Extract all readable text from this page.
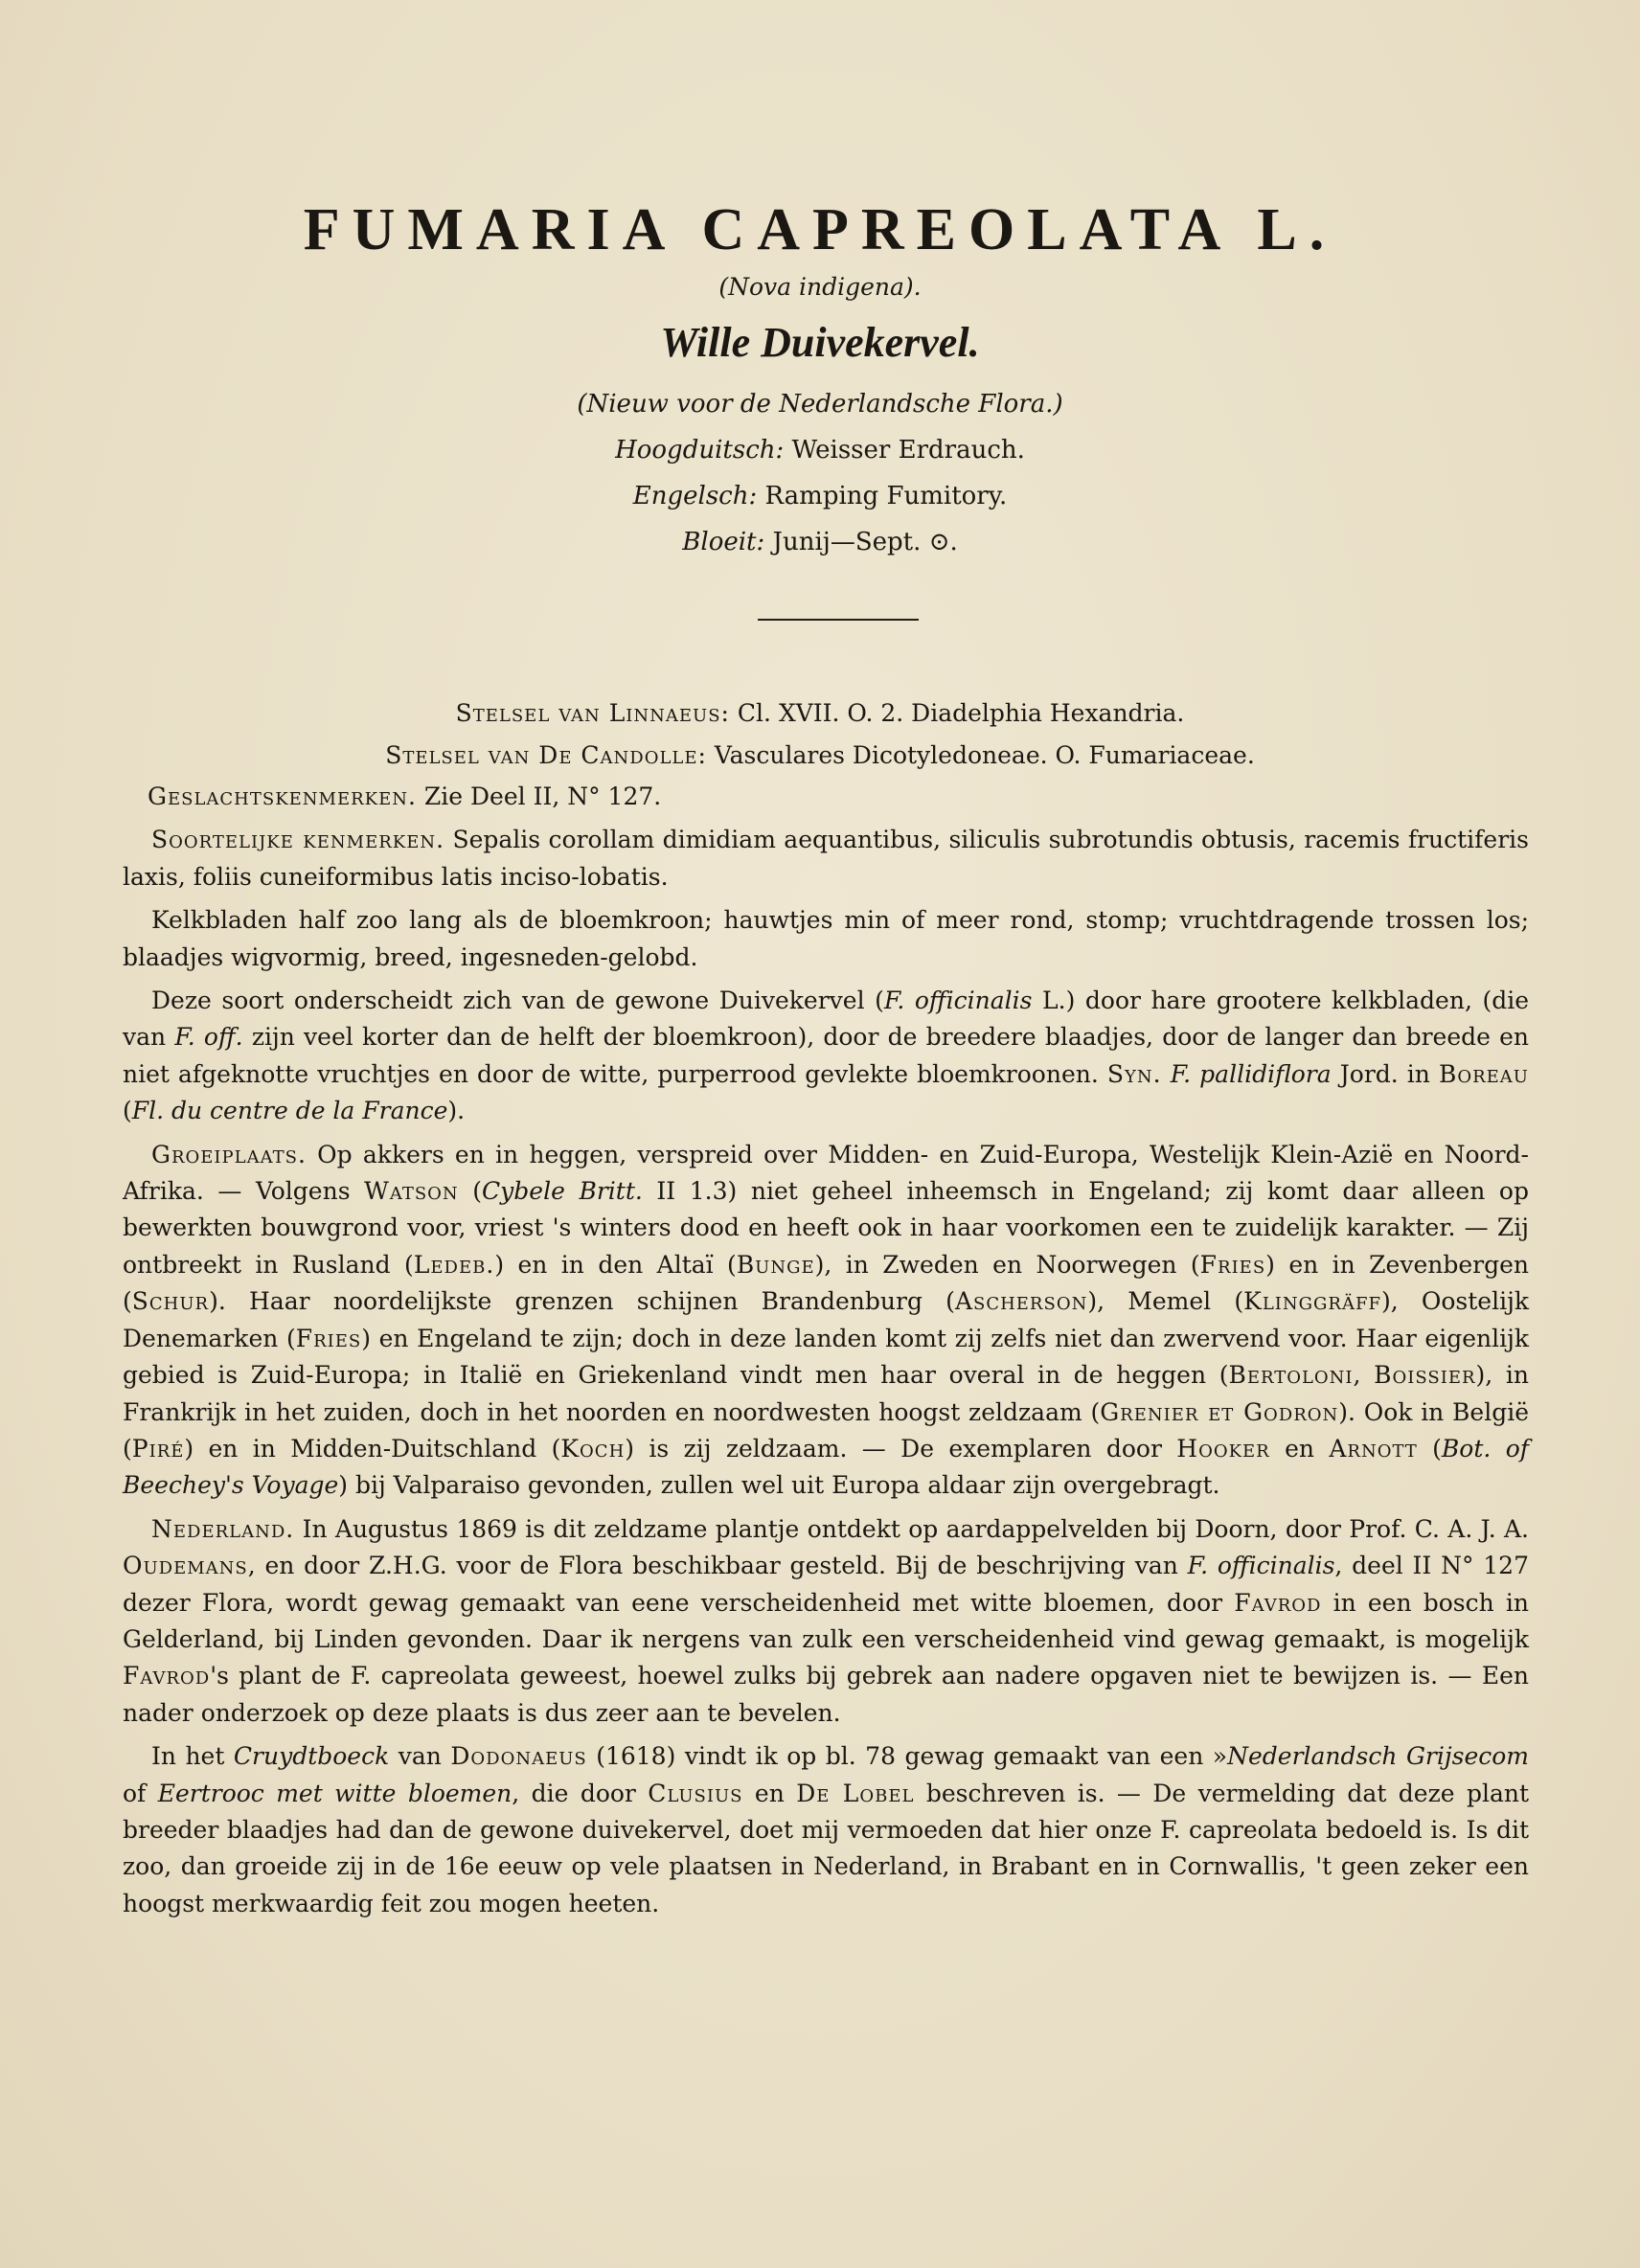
FUMARIA CAPREOLATA L.
(Nova indigena).
Wille Duivekervel.
(Nieuw voor de Nederlandsche Flora.)
Hoogduitsch: Weisser Erdrauch.
Engelsch: Ramping Fumitory.
Bloeit: Junij—Sept. ⊙.
Stelsel van Linnaeus: Cl. XVII. O. 2. Diadelphia Hexandria.
Stelsel van De Candolle: Vasculares Dicotyledoneae. O. Fumariaceae.

Geslachtskenmerken. Zie Deel II, N° 127.

Soortelijke kenmerken. Sepalis corollam dimidiam aequantibus, siliculis subrotundis obtusis, racemis fructiferis laxis, foliis cuneiformibus latis inciso-lobatis.

Kelkbladen half zoo lang als de bloemkroon; hauwtjes min of meer rond, stomp; vruchtdragende trossen los; blaadjes wigvormig, breed, ingesneden-gelobd.

Deze soort onderscheidt zich van de gewone Duivekervel (F. officinalis L.) door hare grootere kelkbladen, (die van F. off. zijn veel korter dan de helft der bloemkroon), door de breedere blaadjes, door de langer dan breede en niet afgeknotte vruchtjes en door de witte, purperrood gevlekte bloemkroonen. Syn. F. pallidiflora Jord. in Boreau (Fl. du centre de la France).

Groeiplaats. Op akkers en in heggen, verspreid over Midden- en Zuid-Europa, Westelijk Klein-Azië en Noord-Afrika. — Volgens Watson (Cybele Britt. II 1.3) niet geheel inheemsch in Engeland; zij komt daar alleen op bewerkten bouwgrond voor, vriest 's winters dood en heeft ook in haar voorkomen een te zuidelijk karakter. — Zij ontbreekt in Rusland (Ledeb.) en in den Altaï (Bunge), in Zweden en Noorwegen (Fries) en in Zevenbergen (Schur). Haar noordelijkste grenzen schijnen Brandenburg (Ascherson), Memel (Klinggräff), Oostelijk Denemarken (Fries) en Engeland te zijn; doch in deze landen komt zij zelfs niet dan zwervend voor. Haar eigenlijk gebied is Zuid-Europa; in Italië en Griekenland vindt men haar overal in de heggen (Bertoloni, Boissier), in Frankrijk in het zuiden, doch in het noorden en noordwesten hoogst zeldzaam (Grenier et Godron). Ook in België (Piré) en in Midden-Duitschland (Koch) is zij zeldzaam. — De exemplaren door Hooker en Arnott (Bot. of Beechey's Voyage) bij Valparaiso gevonden, zullen wel uit Europa aldaar zijn overgebragt.

Nederland. In Augustus 1869 is dit zeldzame plantje ontdekt op aardappelvelden bij Doorn, door Prof. C. A. J. A. Oudemans, en door Z.H.G. voor de Flora beschikbaar gesteld. Bij de beschrijving van F. officinalis, deel II N° 127 dezer Flora, wordt gewag gemaakt van eene verscheidenheid met witte bloemen, door Favrod in een bosch in Gelderland, bij Linden gevonden. Daar ik nergens van zulk een verscheidenheid vind gewag gemaakt, is mogelijk Favrod's plant de F. capreolata geweest, hoewel zulks bij gebrek aan nadere opgaven niet te bewijzen is. — Een nader onderzoek op deze plaats is dus zeer aan te bevelen.

In het Cruydtboeck van Dodonaeus (1618) vindt ik op bl. 78 gewag gemaakt van een »Nederlandsch Grijsecom of Eertrooc met witte bloemen, die door Clusius en De Lobel beschreven is. — De vermelding dat deze plant breeder blaadjes had dan de gewone duivekervel, doet mij vermoeden dat hier onze F. capreolata bedoeld is. Is dit zoo, dan groeide zij in de 16e eeuw op vele plaatsen in Nederland, in Brabant en in Cornwallis, 't geen zeker een hoogst merkwaardig feit zou mogen heeten.
